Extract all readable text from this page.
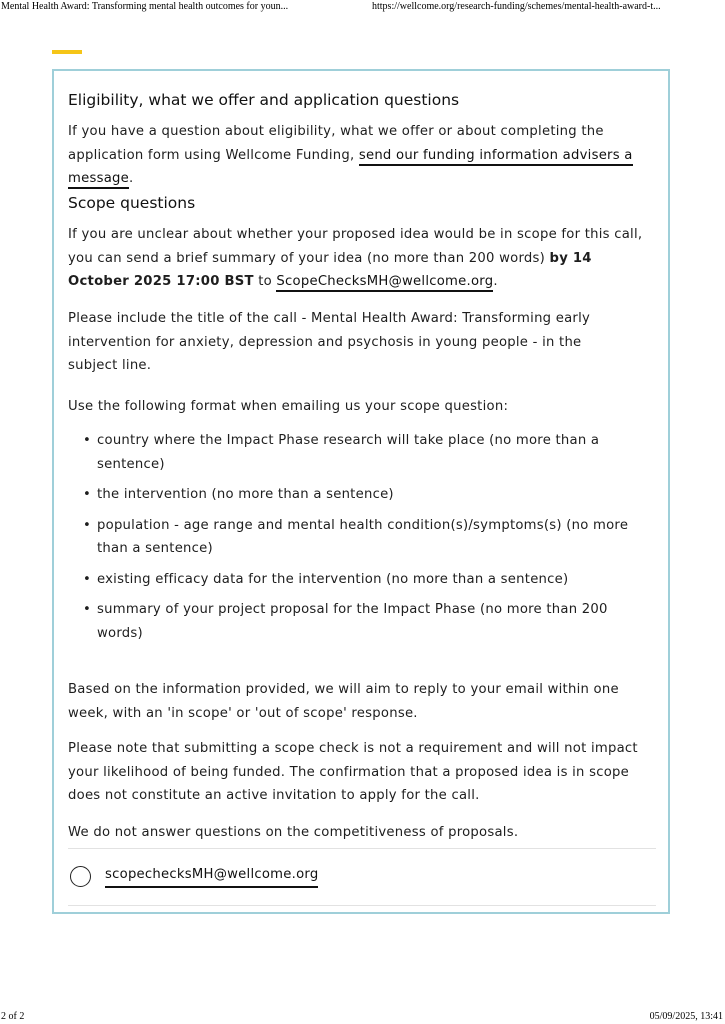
Mental Health Award: Transforming mental health outcomes for youn...	https://wellcome.org/research-funding/schemes/mental-health-award-t...
Eligibility, what we offer and application questions

If you have a question about eligibility, what we offer or about completing the application form using Wellcome Funding, send our funding information advisers a message.

Scope questions

If you are unclear about whether your proposed idea would be in scope for this call, you can send a brief summary of your idea (no more than 200 words) by 14 October 2025 17:00 BST to ScopeChecksMH@wellcome.org.

Please include the title of the call - Mental Health Award: Transforming early intervention for anxiety, depression and psychosis in young people - in the subject line.

Use the following format when emailing us your scope question:

• country where the Impact Phase research will take place (no more than a sentence)
• the intervention (no more than a sentence)
• population - age range and mental health condition(s)/symptoms(s) (no more than a sentence)
• existing efficacy data for the intervention (no more than a sentence)
• summary of your project proposal for the Impact Phase (no more than 200 words)

Based on the information provided, we will aim to reply to your email within one week, with an 'in scope' or 'out of scope' response.

Please note that submitting a scope check is not a requirement and will not impact your likelihood of being funded. The confirmation that a proposed idea is in scope does not constitute an active invitation to apply for the call.

We do not answer questions on the competitiveness of proposals.

scopechecksMH@wellcome.org
2 of 2	05/09/2025, 13:41
